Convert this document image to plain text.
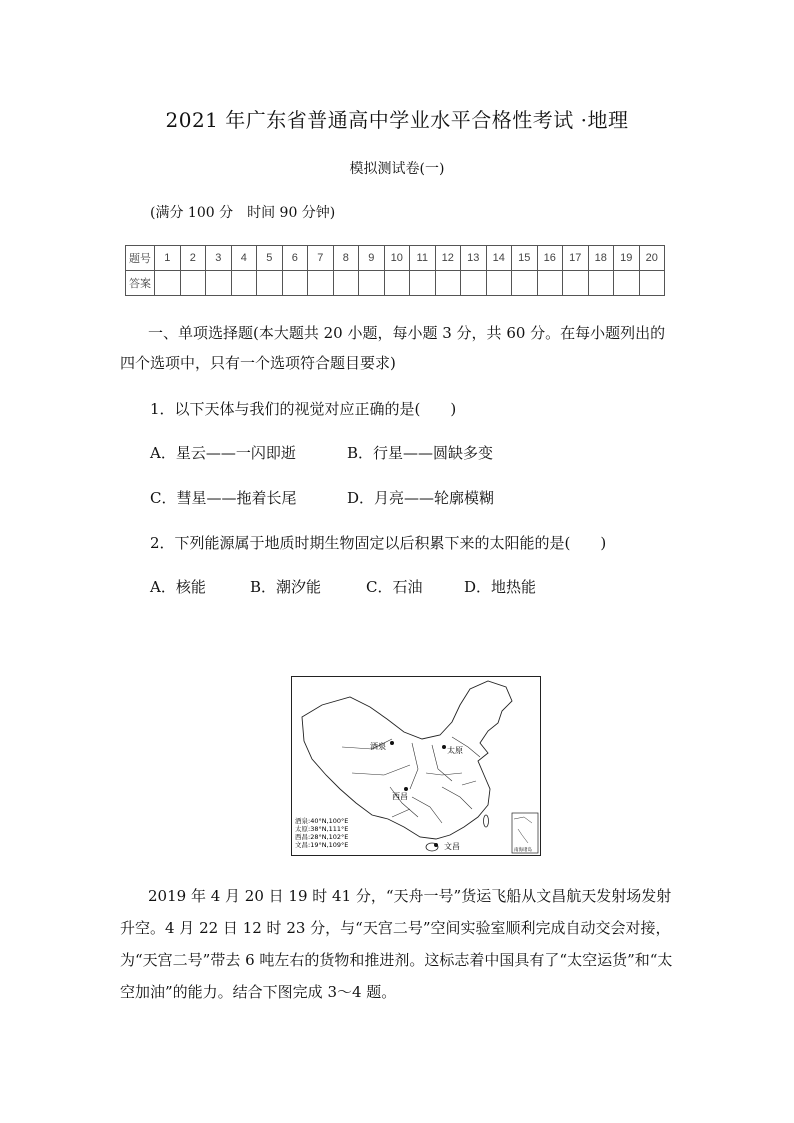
2021 年广东省普通高中学业水平合格性考试 ·地理
模拟测试卷(一)
(满分 100 分　时间 90 分钟)
题号	1	2	3	4	5	6	7	8	9	10	11	12	13	14	15	16	17	18	19	20
答案																				
一、单项选择题(本大题共 20 小题，每小题 3 分，共 60 分。在每小题列出的四个选项中，只有一个选项符合题目要求)
1．以下天体与我们的视觉对应正确的是(　　)
A．星云——一闪即逝	B．行星——圆缺多变
C．彗星——拖着长尾	D．月亮——轮廓模糊
2．下列能源属于地质时期生物固定以后积累下来的太阳能的是(　　)
A．核能	B．潮汐能	C．石油	D．地热能
酒泉	太原
西昌
文昌
酒泉:40°N,100°E
太原:38°N,111°E
西昌:28°N,102°E
文昌:19°N,109°E
南海诸岛
2019 年 4 月 20 日 19 时 41 分，“天舟一号”货运飞船从文昌航天发射场发射升空。4 月 22 日 12 时 23 分，与“天宫二号”空间实验室顺利完成自动交会对接，为“天宫二号”带去 6 吨左右的货物和推进剂。这标志着中国具有了“太空运货”和“太空加油”的能力。结合下图完成 3～4 题。
